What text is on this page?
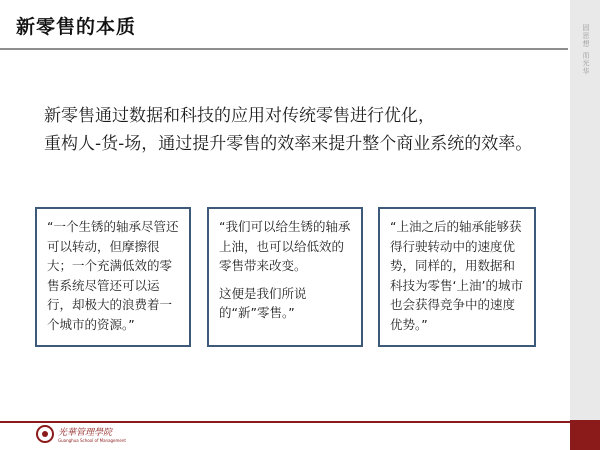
新零售的本质	固思想 而光华

新零售通过数据和科技的应用对传统零售进行优化，

重构人-货-场，通过提升零售的效率来提升整个商业系统的效率。

“一个生锈的轴承尽管还可以转动，但摩擦很大；一个充满低效的零售系统尽管还可以运行，却极大的浪费着一个城市的资源。”

“我们可以给生锈的轴承上油，也可以给低效的零售带来改变。

这便是我们所说的“新”零售。”

“上油之后的轴承能够获得行驶转动中的速度优势，同样的，用数据和科技为零售‘上油’的城市也会获得竞争中的速度优势。”

光華管理學院
Guanghua School of Management
